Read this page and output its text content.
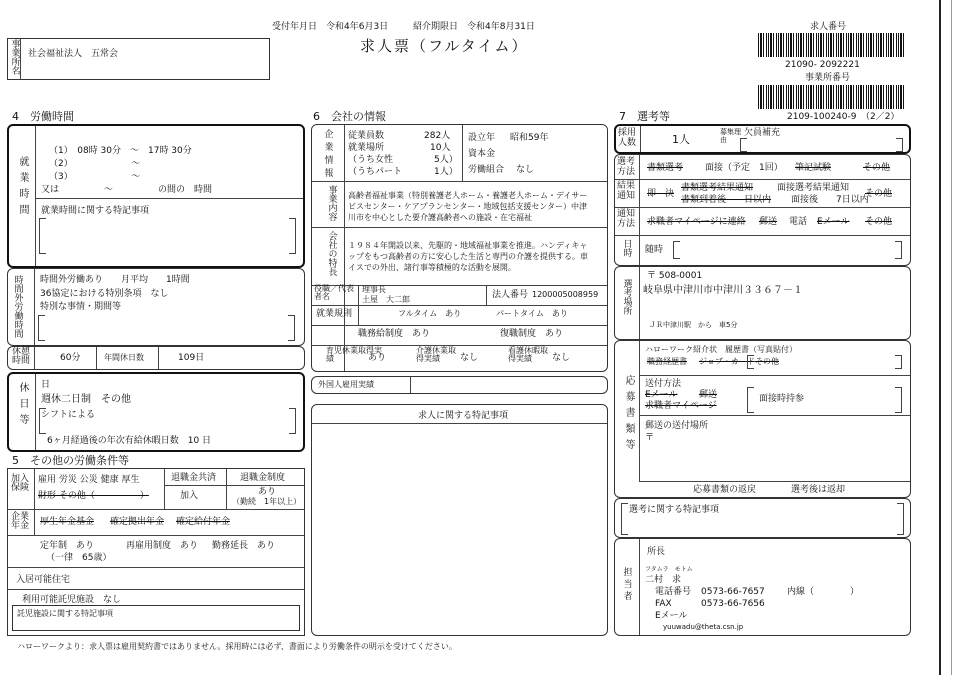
受付年月日　令和4年6月3日	紹介期限日　令和4年8月31日
求人票（フルタイム）
求人番号
21090- 2092221
事業所番号
2109-100240-9　（2／2）
事業所名 社会福祉法人　五常会
4　労働時間
就業時間
（1）　08時 30分　～　17時 30分
（2）　　　　　　　～
（3）　　　　　　　～
又は　　　　　～　　　　　の間の　時間
就業時間に関する特記事項
時間外労働時間 時間外労働あり　　月平均　　1時間
36協定における特別条項　なし
特別な事情・期間等
休憩時間	60分	年間休日数	109日
休日等 日
週休二日制　その他
シフトによる
6ヶ月経過後の年次有給休暇日数　10 日
5　その他の労働条件等
加入保険
雇用 労災 公災 健康 厚生
財形 その他（　　　　　）
退職金共済
加入
退職金制度
あり
（勤続　1年以上）
企業年金	厚生年金基金 確定拠出年金 確定給付年金
定年制　あり
（一律　65歳）
再雇用制度　あり 勤務延長　あり
入居可能住宅
利用可能託児施設　なし
託児施設に関する特記事項
6　会社の情報
企業情報 従業員数	282人
就業場所	10人
（うち女性	5人）
（うちパート	1人）
設立年 昭和59年
資本金
労働組合 なし
事業内容 高齢者福祉事業（特別養護老人ホーム・養護老人ホーム・デイサー
ビスセンター・ケアプランセンター・地域包括支援センター）中津
川市を中心とした要介護高齢者への施設・在宅福祉
会社の特長 １９８４年開設以来、先駆的・地域福祉事業を推進。ハンディキャ
ップをもつ高齢者の方に安心した生活と専門の介護を提供する。車
イスでの外出、諸行事等積極的な活動を展開。
役職／代表者名
理事長
土屋　大二郎	法人番号 1200005008959
就業規則	フルタイム　あり	パートタイム　あり
職務給制度　あり	復職制度　あり
育児休業取得実績	あり
介護休業取得実績	なし
看護休暇取得実績	なし
外国人雇用実績
求人に関する特記事項
7　選考等
採用人数	1人
募集理由
欠員補充
選考方法	書類選考 面接（予定　1回） 筆記試験	その他
結果通知	即　決
書類選考結果通知	面接選考結果通知
書類到着後　　日以内 面接後　　7日以内
その他
通知方法	求職者マイページに連絡 郵送 電話 Eメール その他
日時 随時
選考場所
〒 508-0001
岐阜県中津川市中津川３３６７－１
ＪＲ中津川駅　から　車5分
応募書類等
ハローワーク紹介状　履歴書（写真貼付）
職務経歴書 ジョブ・カード その他
送付方法
Eメール 郵送
求職者マイページ
面接時持参
郵送の送付場所
〒
応募書類の返戻	選考後は返却
選考に関する特記事項
担当者
所長
フタムラ　モトム
二村　求
電話番号 0573-66-7657 内線（　　　　）
FAX	0573-66-7656
Eメール
yuuwadu@theta.csn.jp
ハローワークより：求人票は雇用契約書ではありません。採用時には必ず、書面により労働条件の明示を受けてください。
